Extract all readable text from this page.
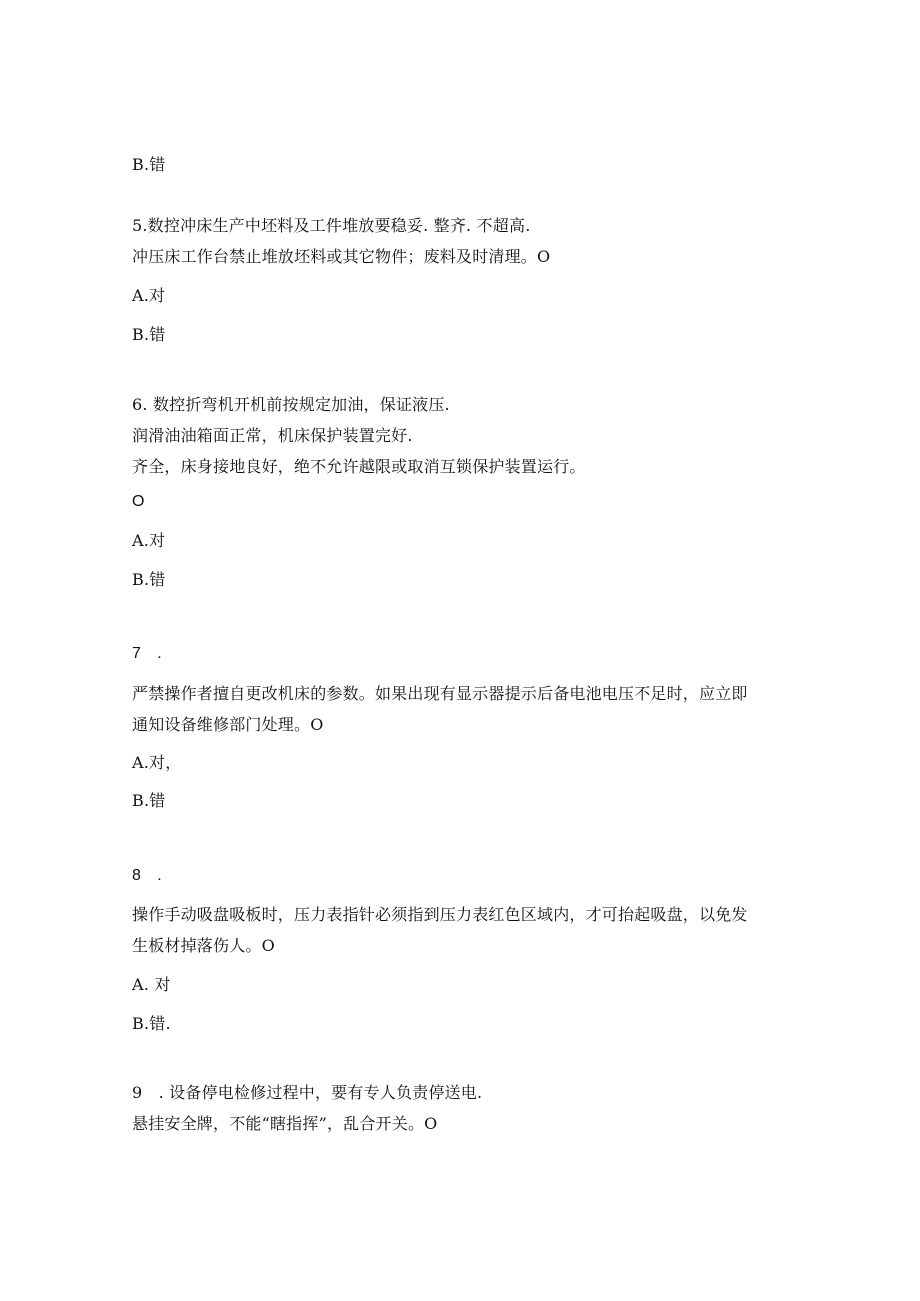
B.错
5.数控冲床生产中坯料及工件堆放要稳妥. 整齐. 不超高.
冲压床工作台禁止堆放坯料或其它物件；废料及时清理。O
A.对
B.错
6. 数控折弯机开机前按规定加油，保证液压.
润滑油油箱面正常，机床保护装置完好.
齐全，床身接地良好，绝不允许越限或取消互锁保护装置运行。
O
A.对
B.错
7　.
严禁操作者擅自更改机床的参数。如果出现有显示器提示后备电池电压不足时，应立即
通知设备维修部门处理。O
A.对，
B.错
8　.
操作手动吸盘吸板时，压力表指针必须指到压力表红色区域内，才可抬起吸盘，以免发
生板材掉落伤人。O
A. 对
B.错.
9　. 设备停电检修过程中，要有专人负责停送电.
悬挂安全牌，不能“瞎指挥”，乱合开关。O
